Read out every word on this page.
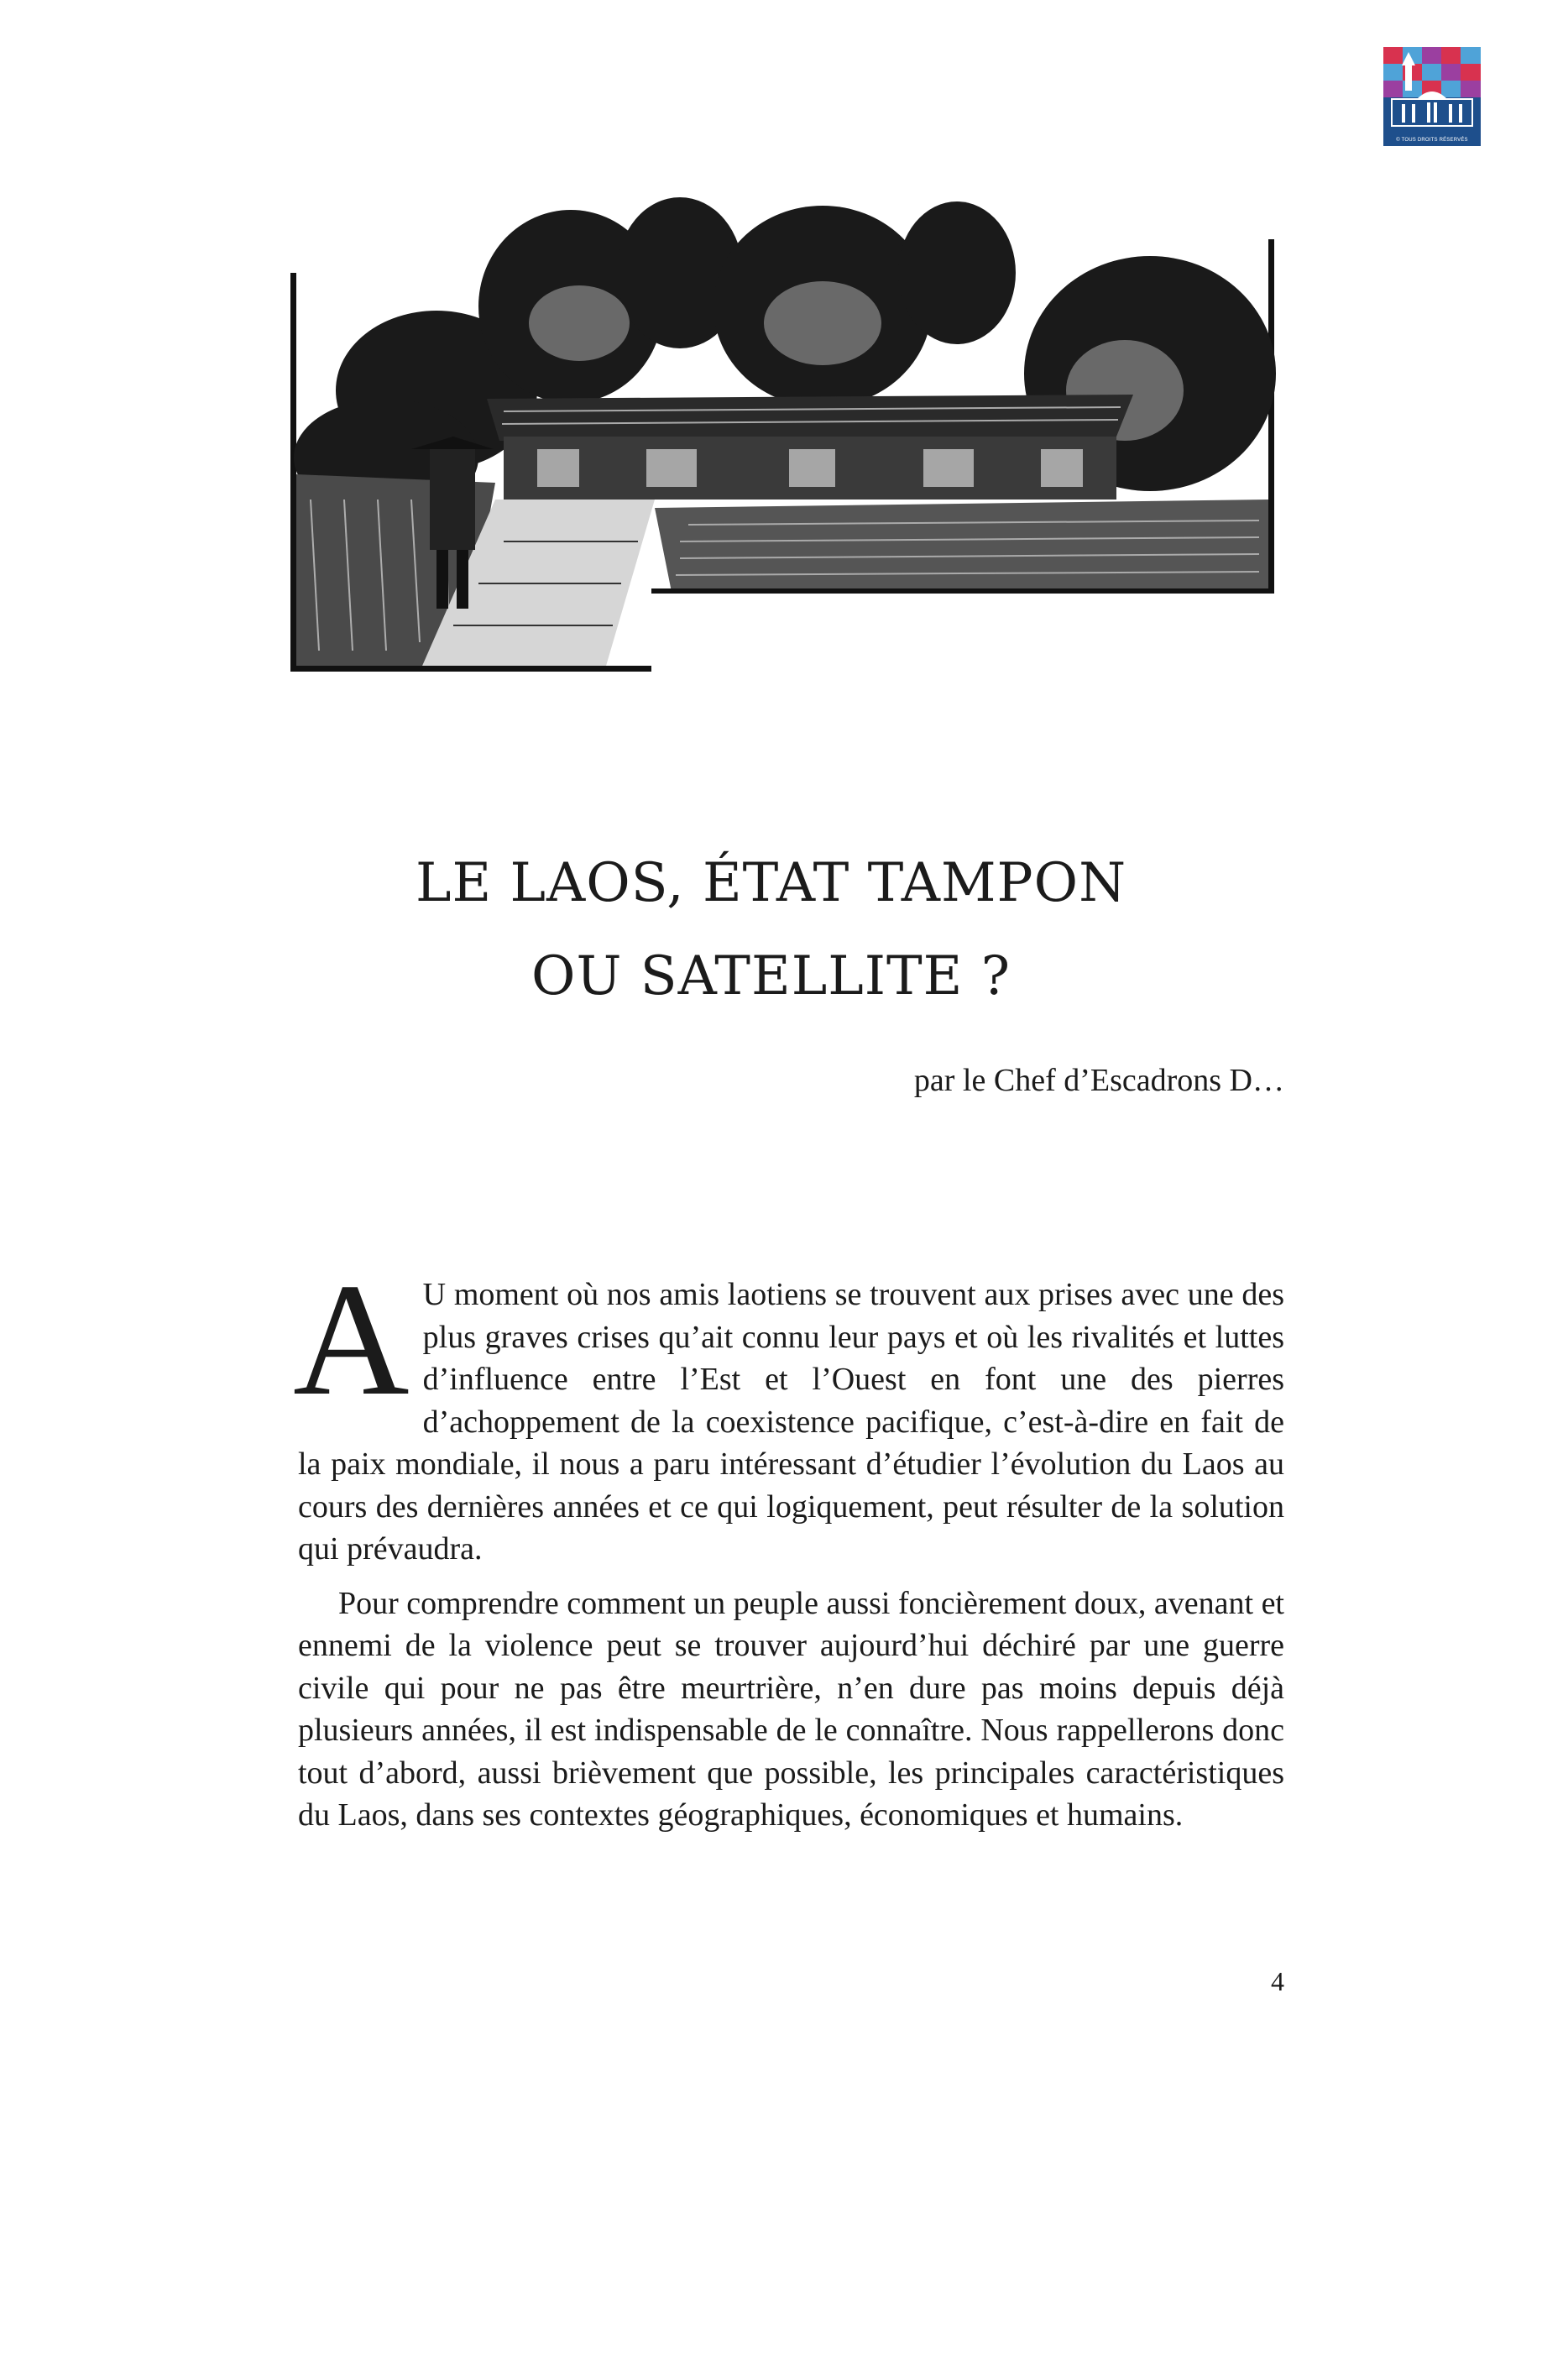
© TOUS DROITS RÉSERVÉS
LE LAOS, ÉTAT TAMPON
OU SATELLITE ?
par le Chef d’Escadrons D…

A U moment où nos amis laotiens se trouvent aux prises avec une des plus graves crises qu’ait connu leur pays et où les rivalités et luttes d’influence entre l’Est et l’Ouest en font une des pierres d’achoppement de la coexistence pacifique, c’est-à-dire en fait de la paix mondiale, il nous a paru intéressant d’étudier l’évolution du Laos au cours des dernières années et ce qui logiquement, peut résulter de la solution qui prévaudra.

Pour comprendre comment un peuple aussi foncièrement doux, avenant et ennemi de la violence peut se trouver aujourd’hui déchiré par une guerre civile qui pour ne pas être meurtrière, n’en dure pas moins depuis déjà plusieurs années, il est indispensable de le connaître. Nous rappellerons donc tout d’abord, aussi brièvement que possible, les principales caractéristiques du Laos, dans ses contextes géographiques, économiques et humains.

4
